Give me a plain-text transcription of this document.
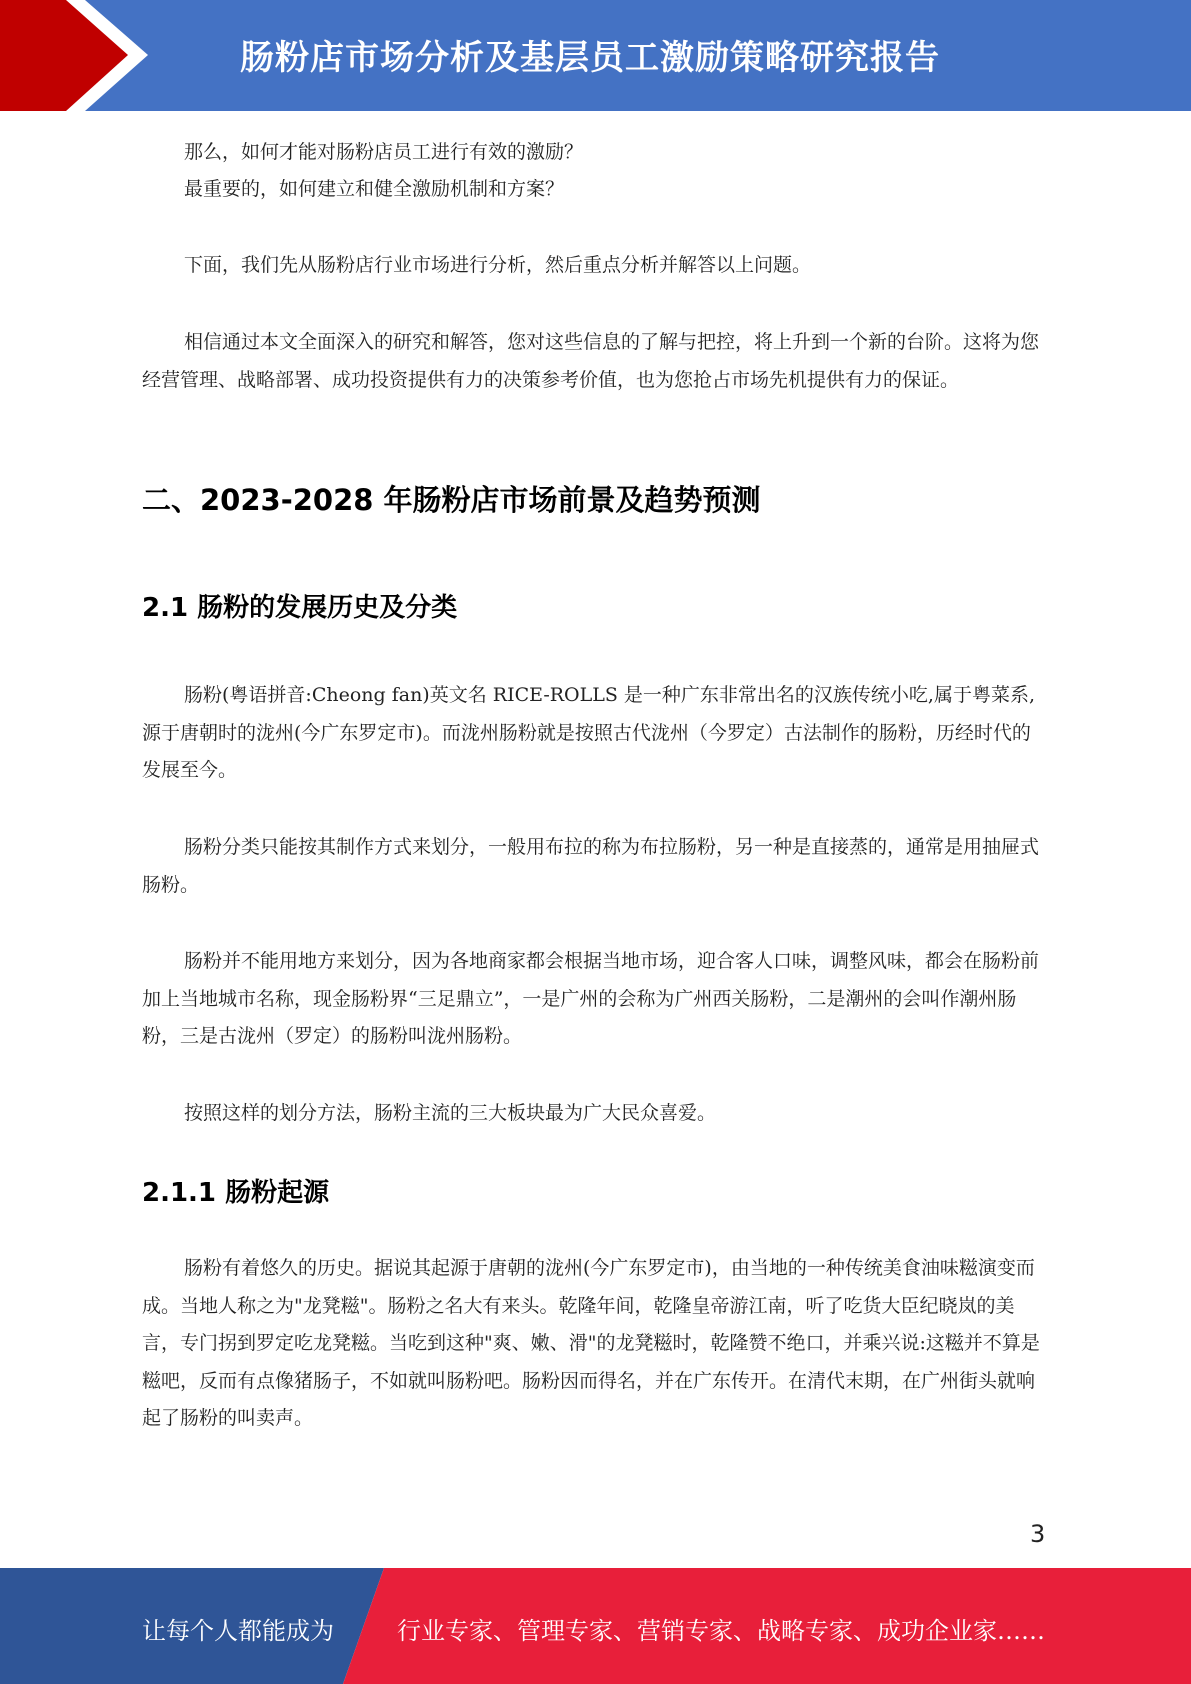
肠粉店市场分析及基层员工激励策略研究报告

那么，如何才能对肠粉店员工进行有效的激励？

最重要的，如何建立和健全激励机制和方案？

下面，我们先从肠粉店行业市场进行分析，然后重点分析并解答以上问题。

相信通过本文全面深入的研究和解答，您对这些信息的了解与把控，将上升到一个新的台阶。这将为您经营管理、战略部署、成功投资提供有力的决策参考价值，也为您抢占市场先机提供有力的保证。

二、2023-2028 年肠粉店市场前景及趋势预测
2.1 肠粉的发展历史及分类

肠粉(粤语拼音:Cheong fan)英文名 RICE-ROLLS 是一种广东非常出名的汉族传统小吃,属于粤菜系,源于唐朝时的泷州(今广东罗定市)。而泷州肠粉就是按照古代泷州（今罗定）古法制作的肠粉，历经时代的发展至今。

肠粉分类只能按其制作方式来划分，一般用布拉的称为布拉肠粉，另一种是直接蒸的，通常是用抽屉式肠粉。

肠粉并不能用地方来划分，因为各地商家都会根据当地市场，迎合客人口味，调整风味，都会在肠粉前加上当地城市名称，现金肠粉界“三足鼎立”，一是广州的会称为广州西关肠粉，二是潮州的会叫作潮州肠粉，三是古泷州（罗定）的肠粉叫泷州肠粉。

按照这样的划分方法，肠粉主流的三大板块最为广大民众喜爱。

2.1.1 肠粉起源

肠粉有着悠久的历史。据说其起源于唐朝的泷州(今广东罗定市)，由当地的一种传统美食油味糍演变而成。当地人称之为"龙凳糍"。肠粉之名大有来头。乾隆年间，乾隆皇帝游江南，听了吃货大臣纪晓岚的美言，专门拐到罗定吃龙凳糍。当吃到这种"爽、嫩、滑"的龙凳糍时，乾隆赞不绝口，并乘兴说:这糍并不算是糍吧，反而有点像猪肠子，不如就叫肠粉吧。肠粉因而得名，并在广东传开。在清代末期，在广州街头就响起了肠粉的叫卖声。

3
让每个人都能成为	行业专家、管理专家、营销专家、战略专家、成功企业家……
